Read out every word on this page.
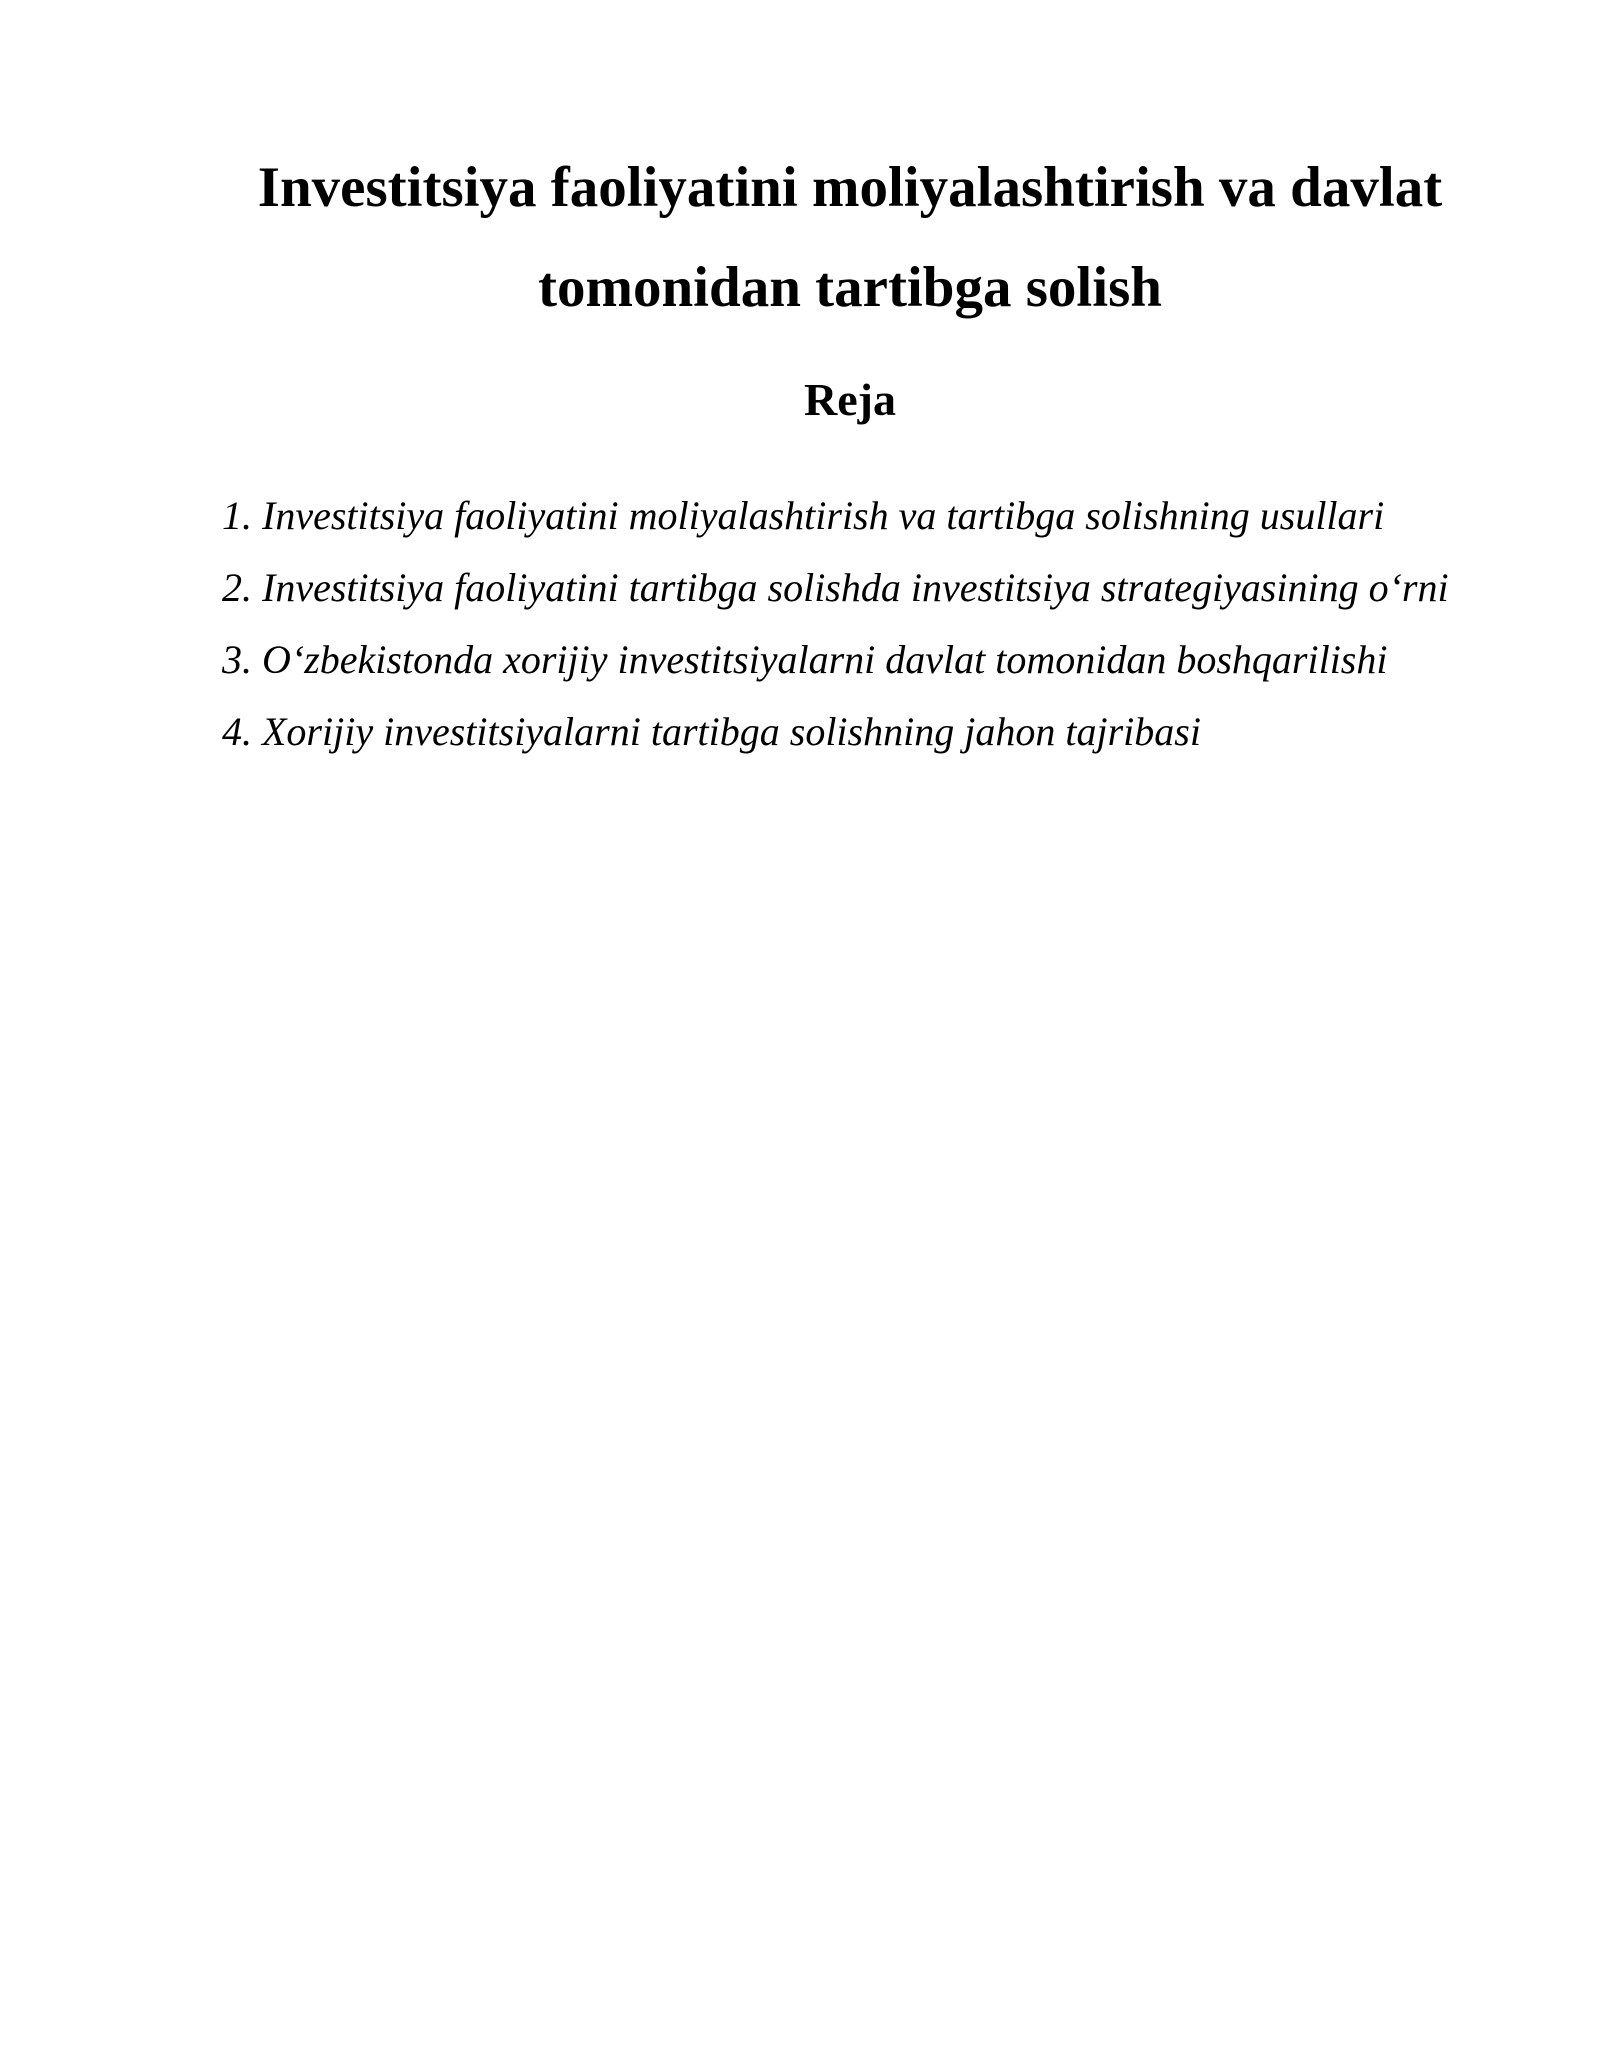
Investitsiya faoliyatini moliyalashtirish va davlat tomonidan tartibga solish
Reja
1. Investitsiya faoliyatini moliyalashtirish va tartibga solishning usullari
2. Investitsiya faoliyatini tartibga solishda investitsiya strategiyasining o‘rni
3. O‘zbekistonda xorijiy investitsiyalarni davlat tomonidan boshqarilishi
4. Xorijiy investitsiyalarni tartibga solishning jahon tajribasi
